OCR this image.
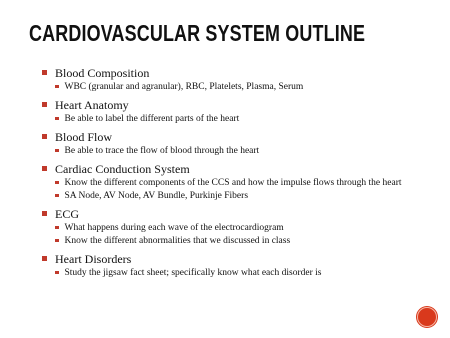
CARDIOVASCULAR SYSTEM OUTLINE
Blood Composition
WBC (granular and agranular), RBC, Platelets, Plasma, Serum
Heart Anatomy
Be able to label the different parts of the heart
Blood Flow
Be able to trace the flow of blood through the heart
Cardiac Conduction System
Know the different components of the CCS and how the impulse flows through the heart
SA Node, AV Node, AV Bundle, Purkinje Fibers
ECG
What happens during each wave of the electrocardiogram
Know the different abnormalities that we discussed in class
Heart Disorders
Study the jigsaw fact sheet; specifically know what each disorder is
